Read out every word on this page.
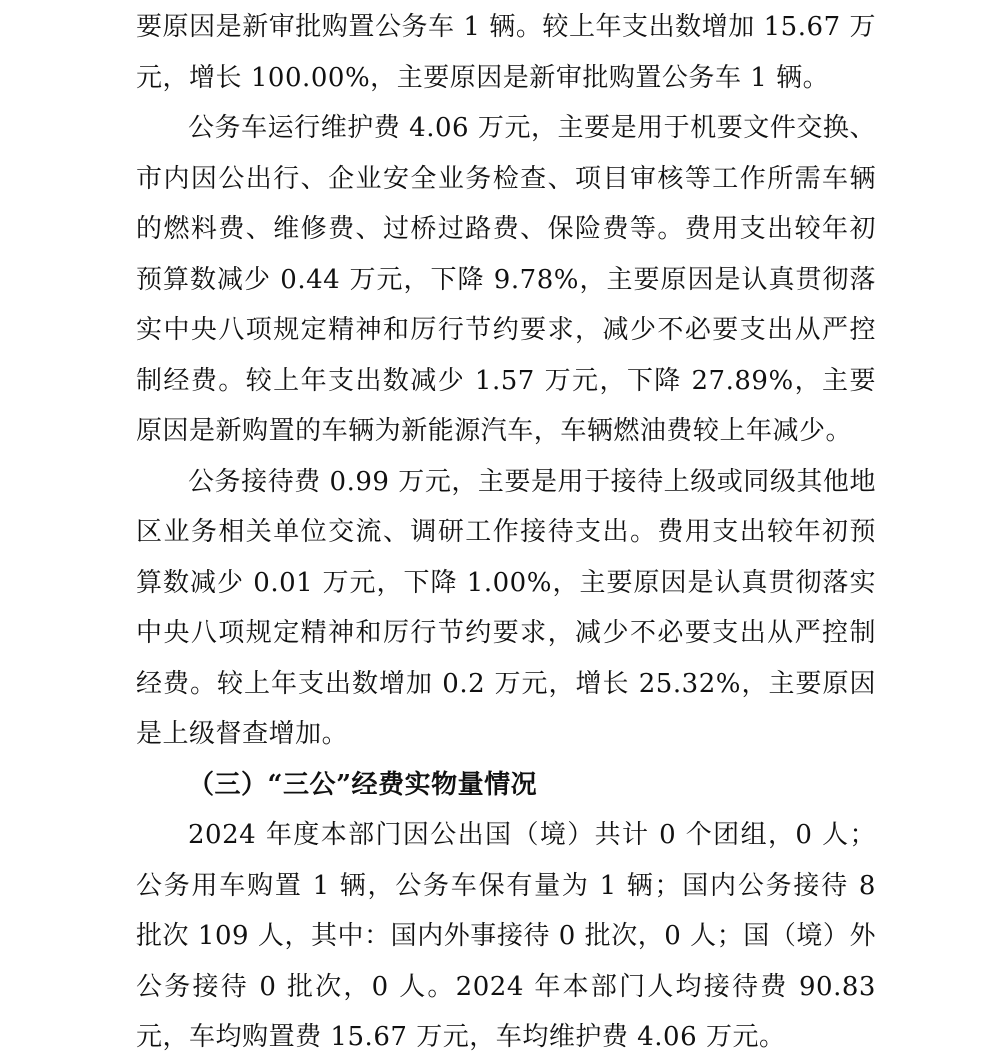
要原因是新审批购置公务车 1 辆。较上年支出数增加 15.67 万元，增长 100.00%，主要原因是新审批购置公务车 1 辆。

公务车运行维护费 4.06 万元，主要是用于机要文件交换、市内因公出行、企业安全业务检查、项目审核等工作所需车辆的燃料费、维修费、过桥过路费、保险费等。费用支出较年初预算数减少 0.44 万元，下降 9.78%，主要原因是认真贯彻落实中央八项规定精神和厉行节约要求，减少不必要支出从严控制经费。较上年支出数减少 1.57 万元，下降 27.89%，主要原因是新购置的车辆为新能源汽车，车辆燃油费较上年减少。

公务接待费 0.99 万元，主要是用于接待上级或同级其他地区业务相关单位交流、调研工作接待支出。费用支出较年初预算数减少 0.01 万元，下降 1.00%，主要原因是认真贯彻落实中央八项规定精神和厉行节约要求，减少不必要支出从严控制经费。较上年支出数增加 0.2 万元，增长 25.32%，主要原因是上级督查增加。

（三）“三公”经费实物量情况

2024 年度本部门因公出国（境）共计 0 个团组，0 人；公务用车购置 1 辆，公务车保有量为 1 辆；国内公务接待 8 批次 109 人，其中：国内外事接待 0 批次，0 人；国（境）外公务接待 0 批次，0 人。2024 年本部门人均接待费 90.83 元，车均购置费 15.67 万元，车均维护费 4.06 万元。
